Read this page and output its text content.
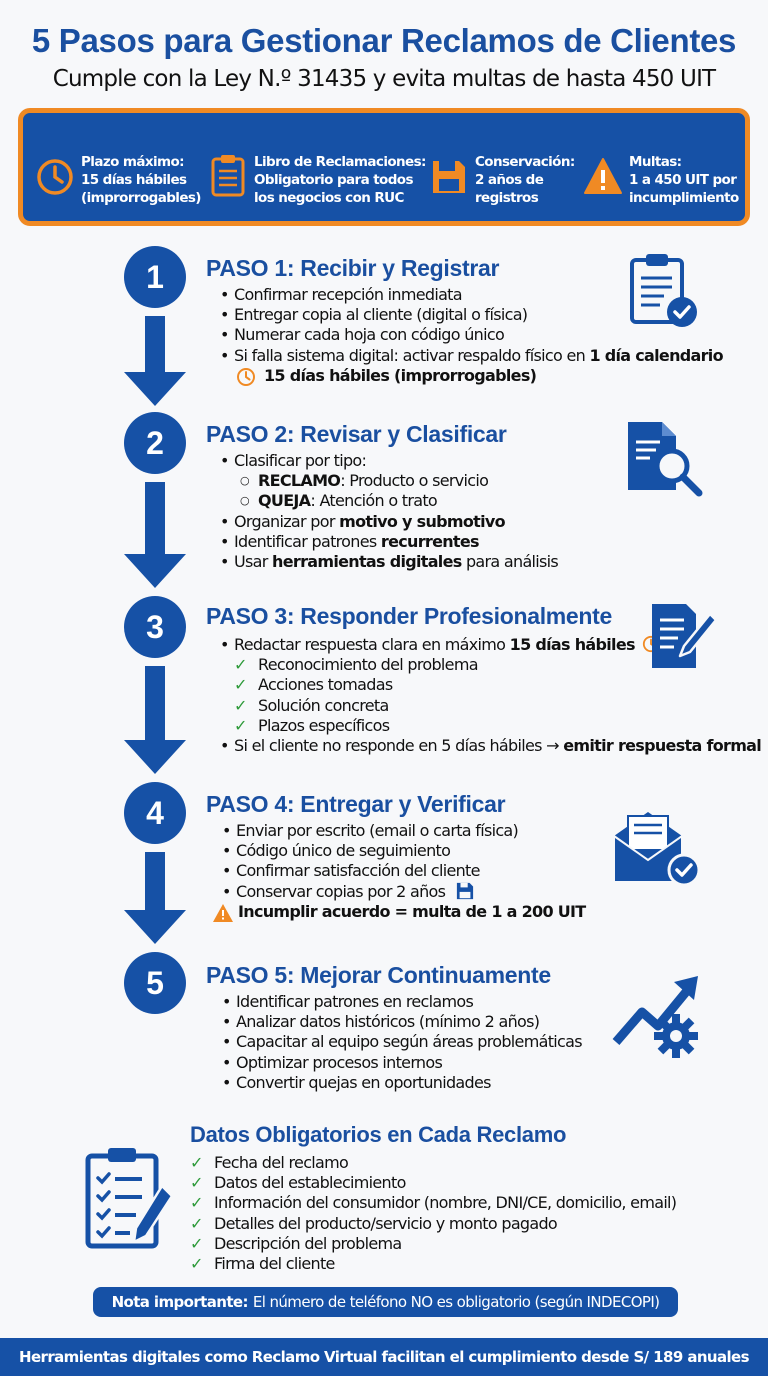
5 Pasos para Gestionar Reclamos de Clientes
Cumple con la Ley N.º 31435 y evita multas de hasta 450 UIT
Plazo máximo:
15 días hábiles
(improrrogables)
Libro de Reclamaciones:
Obligatorio para todos
los negocios con RUC
Conservación:
2 años de
registros
Multas:
1 a 450 UIT por
incumplimiento
1	PASO 1: Recibir y Registrar
• Confirmar recepción inmediata
• Entregar copia al cliente (digital o física)
• Numerar cada hoja con código único
• Si falla sistema digital: activar respaldo físico en 1 día calendario
15 días hábiles (improrrogables)
2	PASO 2: Revisar y Clasificar
• Clasificar por tipo:
○ RECLAMO: Producto o servicio
○ QUEJA: Atención o trato
• Organizar por motivo y submotivo
• Identificar patrones recurrentes
• Usar herramientas digitales para análisis
3	PASO 3: Responder Profesionalmente
• Redactar respuesta clara en máximo 15 días hábiles
✓ Reconocimiento del problema
✓ Acciones tomadas
✓ Solución concreta
✓ Plazos específicos
• Si el cliente no responde en 5 días hábiles → emitir respuesta formal
4	PASO 4: Entregar y Verificar
• Enviar por escrito (email o carta física)
• Código único de seguimiento
• Confirmar satisfacción del cliente
• Conservar copias por 2 años
Incumplir acuerdo = multa de 1 a 200 UIT
5	PASO 5: Mejorar Continuamente
• Identificar patrones en reclamos
• Analizar datos históricos (mínimo 2 años)
• Capacitar al equipo según áreas problemáticas
• Optimizar procesos internos
• Convertir quejas en oportunidades
Datos Obligatorios en Cada Reclamo
✓ Fecha del reclamo
✓ Datos del establecimiento
✓ Información del consumidor (nombre, DNI/CE, domicilio, email)
✓ Detalles del producto/servicio y monto pagado
✓ Descripción del problema
✓ Firma del cliente
Nota importante: El número de teléfono NO es obligatorio (según INDECOPI)
Herramientas digitales como Reclamo Virtual facilitan el cumplimiento desde S/ 189 anuales
